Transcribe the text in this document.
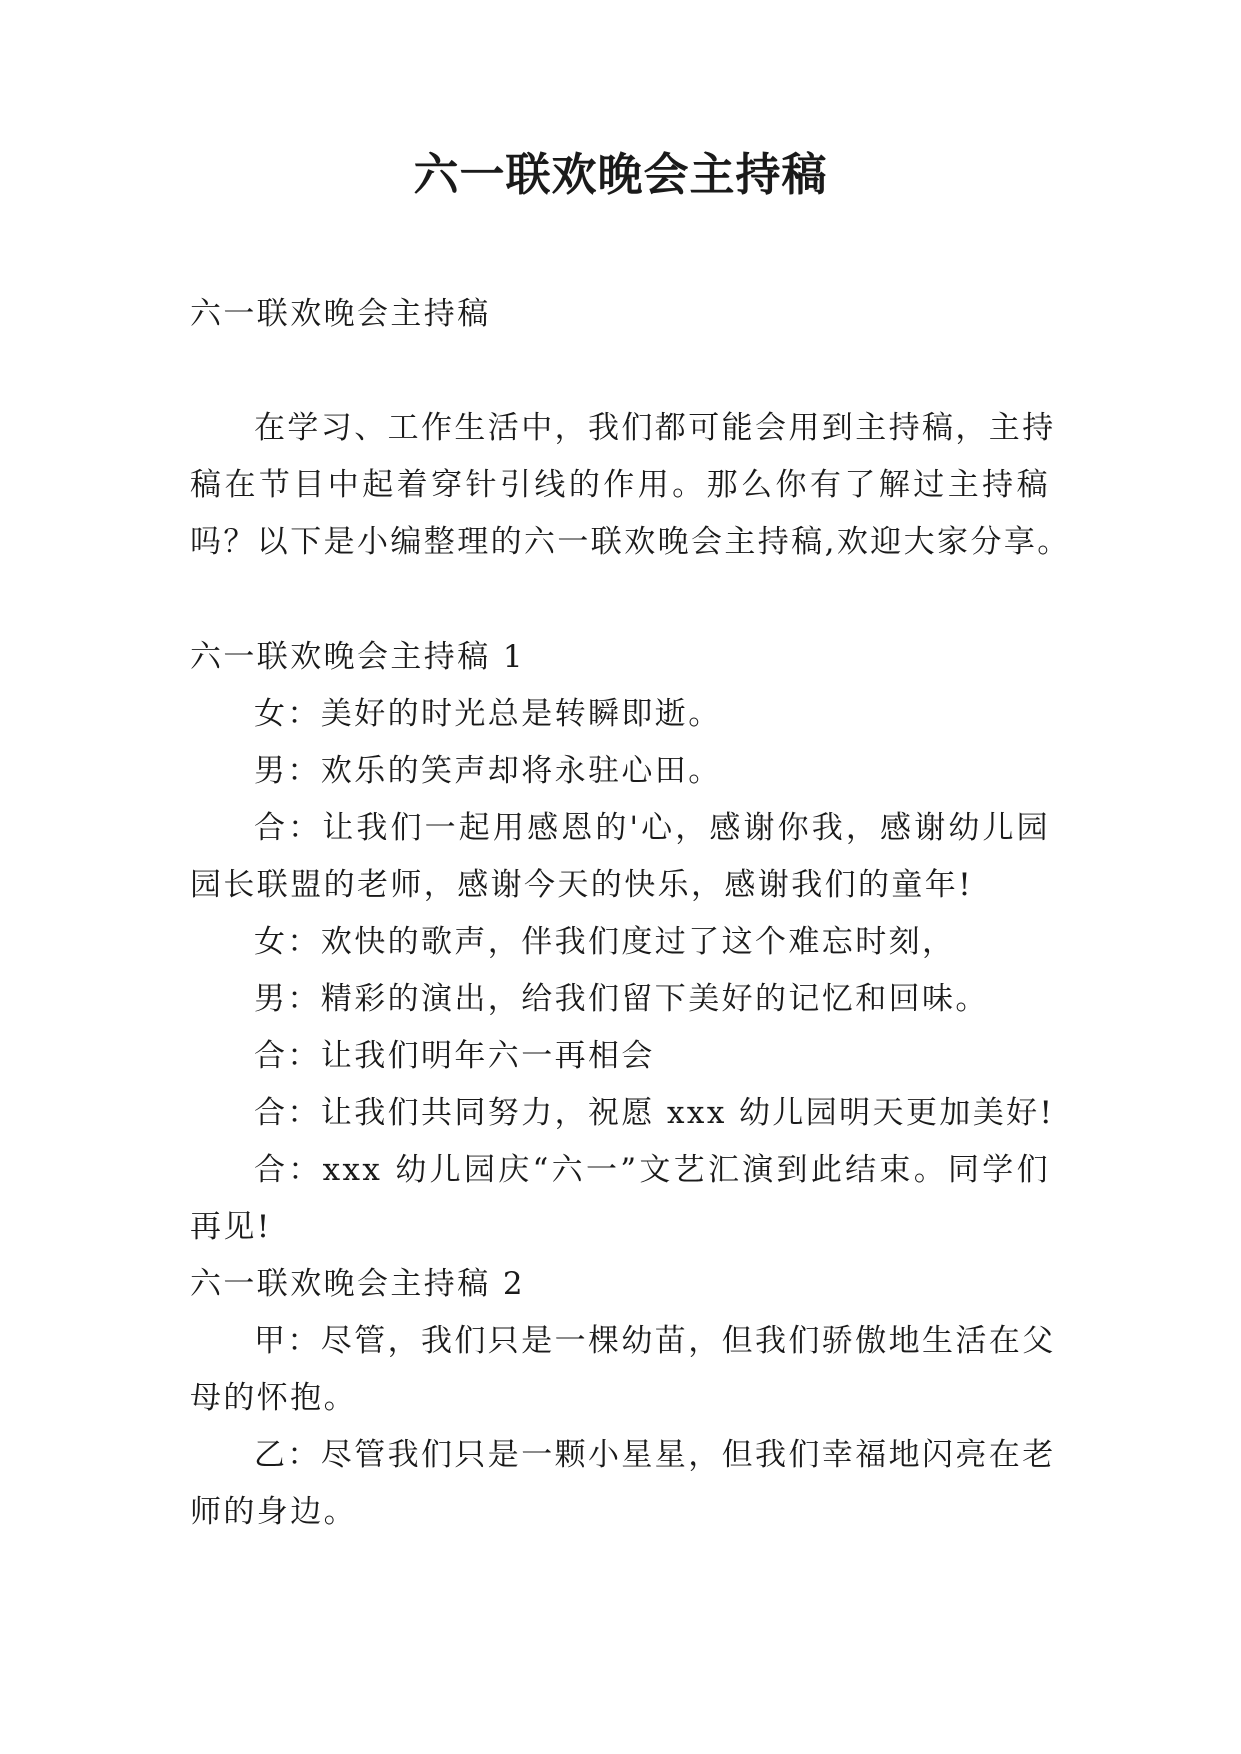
六一联欢晚会主持稿
六一联欢晚会主持稿
在学习、工作生活中，我们都可能会用到主持稿，主持
稿在节目中起着穿针引线的作用。那么你有了解过主持稿
吗？以下是小编整理的六一联欢晚会主持稿,欢迎大家分享。
六一联欢晚会主持稿 1
女：美好的时光总是转瞬即逝。
男：欢乐的笑声却将永驻心田。
合：让我们一起用感恩的'心，感谢你我，感谢幼儿园
园长联盟的老师，感谢今天的快乐，感谢我们的童年!
女：欢快的歌声，伴我们度过了这个难忘时刻，
男：精彩的演出，给我们留下美好的记忆和回味。
合：让我们明年六一再相会
合：让我们共同努力，祝愿 xxx 幼儿园明天更加美好!
合：xxx 幼儿园庆“六一”文艺汇演到此结束。同学们
再见!
六一联欢晚会主持稿 2
甲：尽管，我们只是一棵幼苗，但我们骄傲地生活在父
母的怀抱。
乙：尽管我们只是一颗小星星，但我们幸福地闪亮在老
师的身边。
